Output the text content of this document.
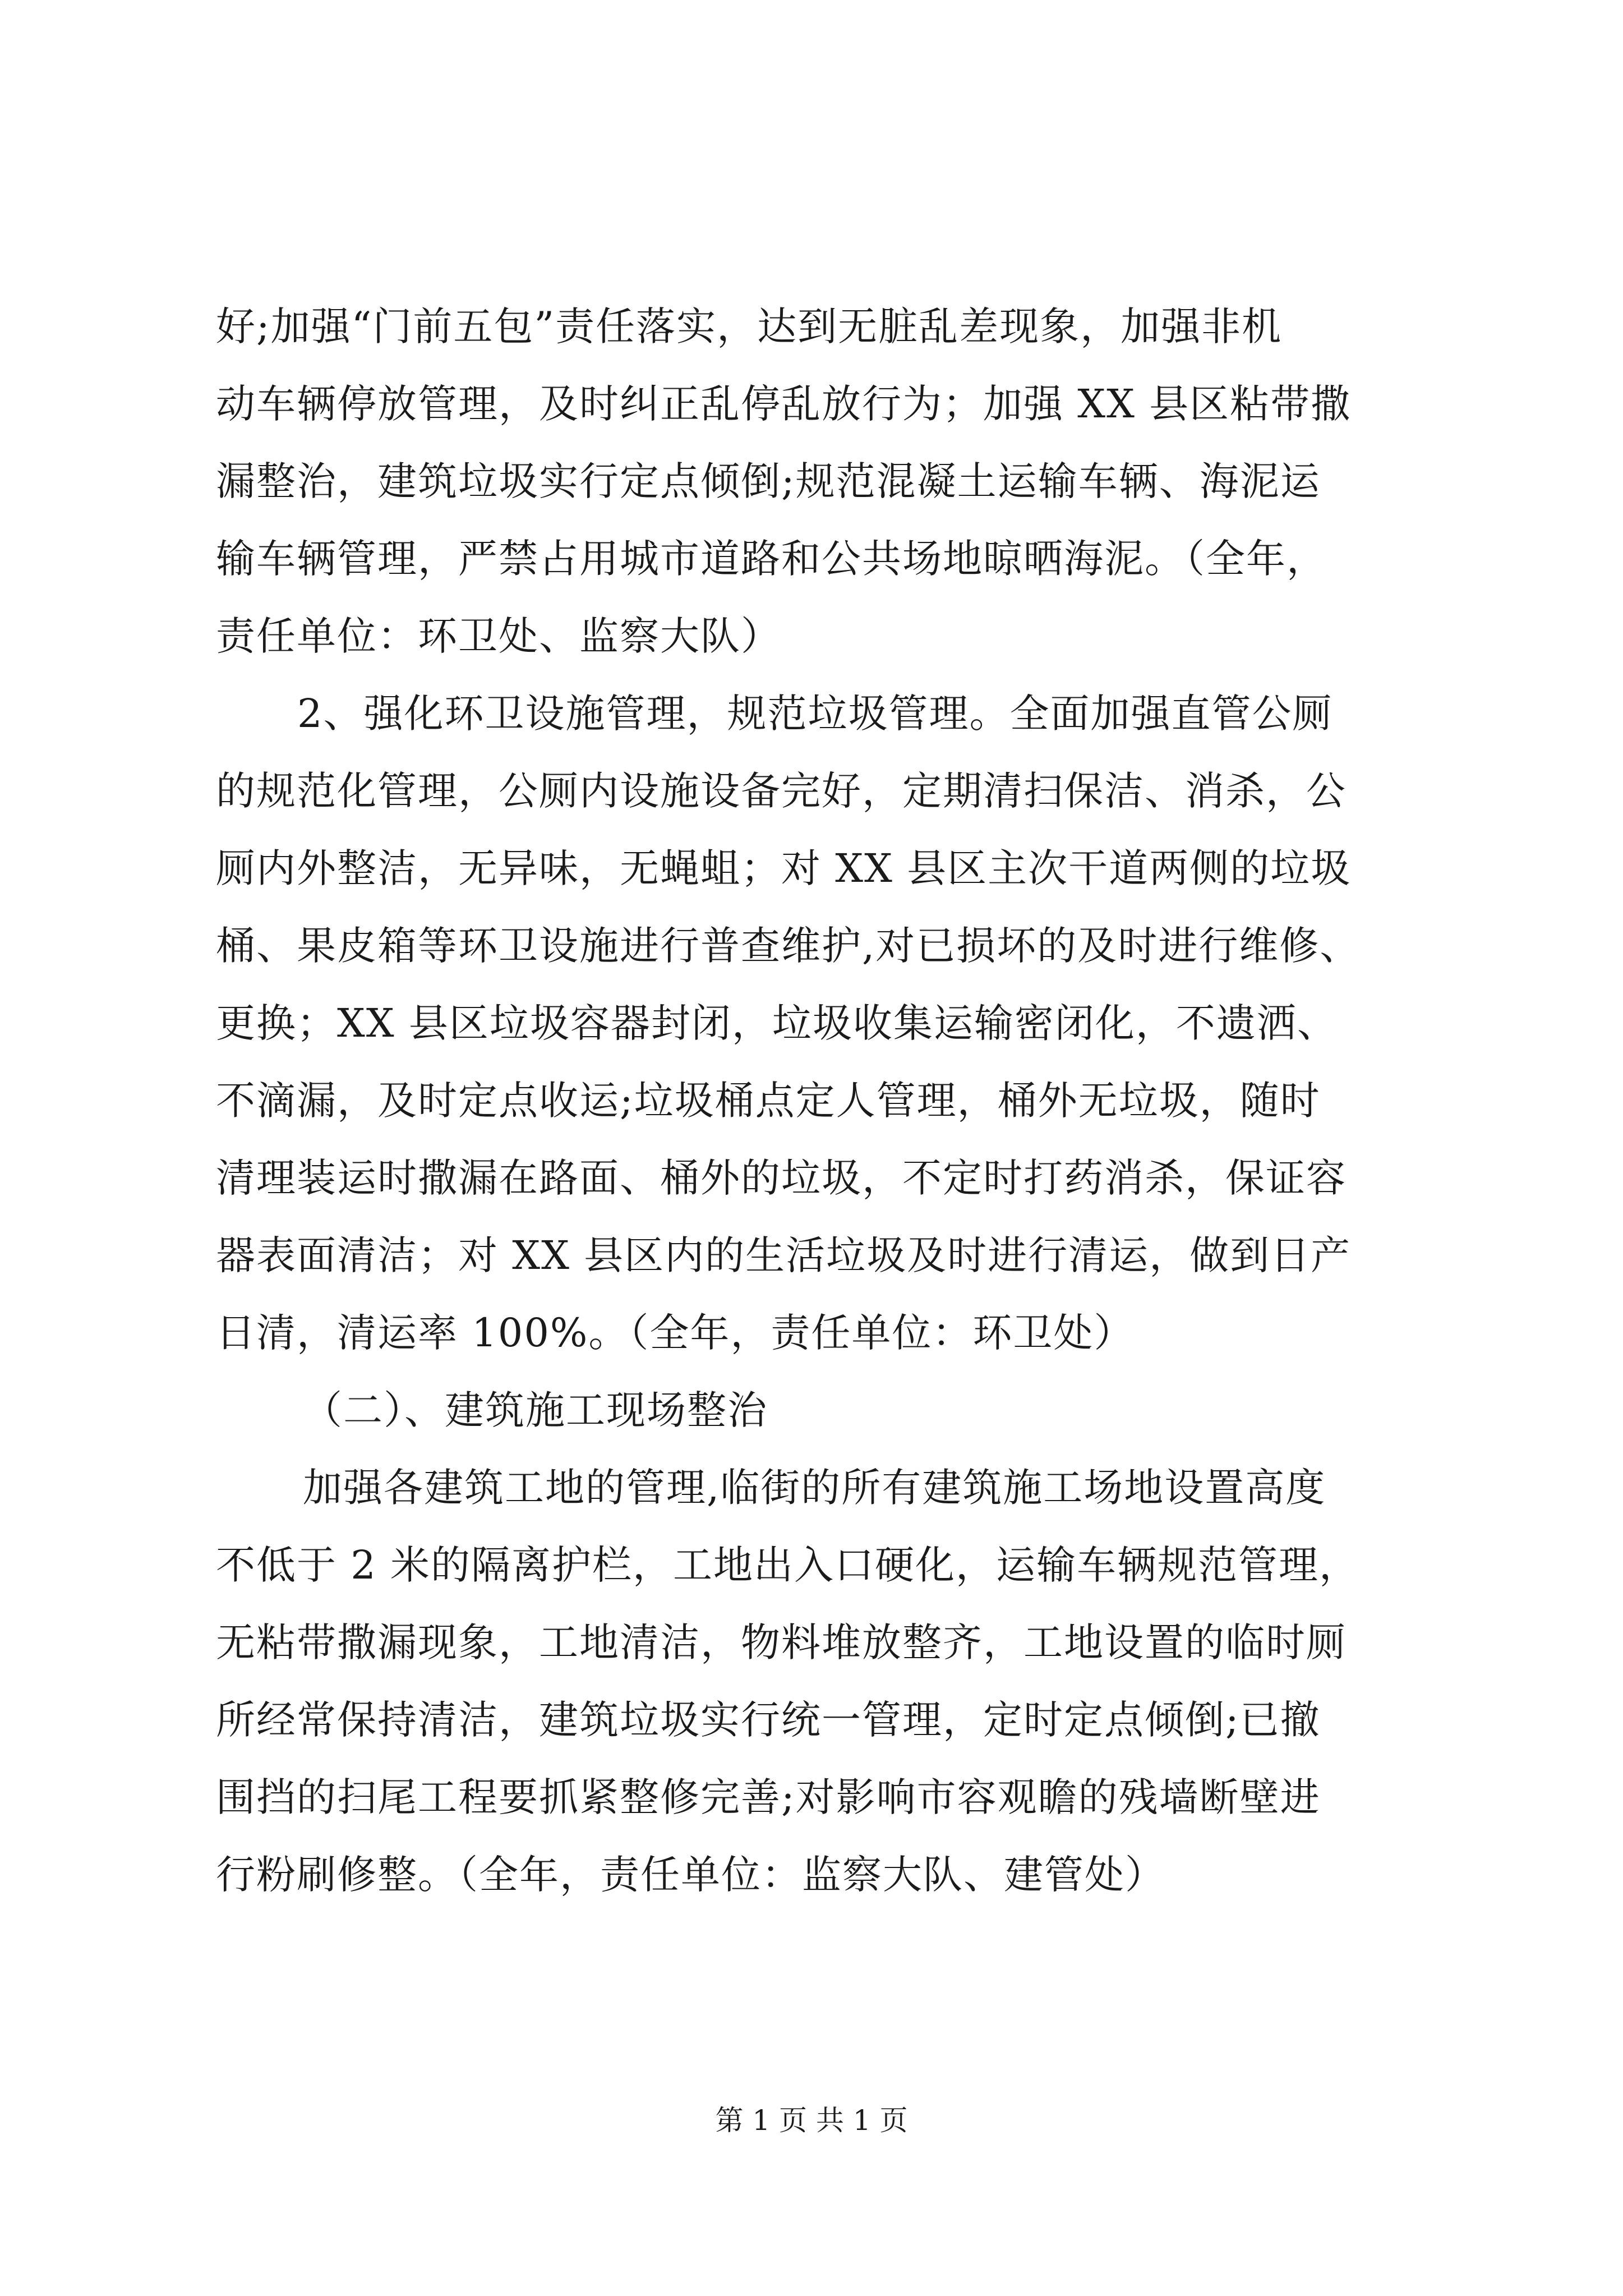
好;加强“门前五包”责任落实，达到无脏乱差现象，加强非机
动车辆停放管理，及时纠正乱停乱放行为；加强 XX 县区粘带撒
漏整治，建筑垃圾实行定点倾倒;规范混凝土运输车辆、海泥运
输车辆管理，严禁占用城市道路和公共场地晾晒海泥。（全年，
责任单位：环卫处、监察大队）
2、强化环卫设施管理，规范垃圾管理。全面加强直管公厕
的规范化管理，公厕内设施设备完好，定期清扫保洁、消杀，公
厕内外整洁，无异味，无蝇蛆；对 XX 县区主次干道两侧的垃圾
桶、果皮箱等环卫设施进行普查维护,对已损坏的及时进行维修、
更换；XX 县区垃圾容器封闭，垃圾收集运输密闭化，不遗洒、
不滴漏，及时定点收运;垃圾桶点定人管理，桶外无垃圾，随时
清理装运时撒漏在路面、桶外的垃圾，不定时打药消杀，保证容
器表面清洁；对 XX 县区内的生活垃圾及时进行清运，做到日产
日清，清运率 100%。（全年，责任单位：环卫处）
（二）、建筑施工现场整治
加强各建筑工地的管理,临街的所有建筑施工场地设置高度
不低于 2 米的隔离护栏，工地出入口硬化，运输车辆规范管理，
无粘带撒漏现象，工地清洁，物料堆放整齐，工地设置的临时厕
所经常保持清洁，建筑垃圾实行统一管理，定时定点倾倒;已撤
围挡的扫尾工程要抓紧整修完善;对影响市容观瞻的残墙断壁进
行粉刷修整。（全年，责任单位：监察大队、建管处）
第 1 页 共 1 页
